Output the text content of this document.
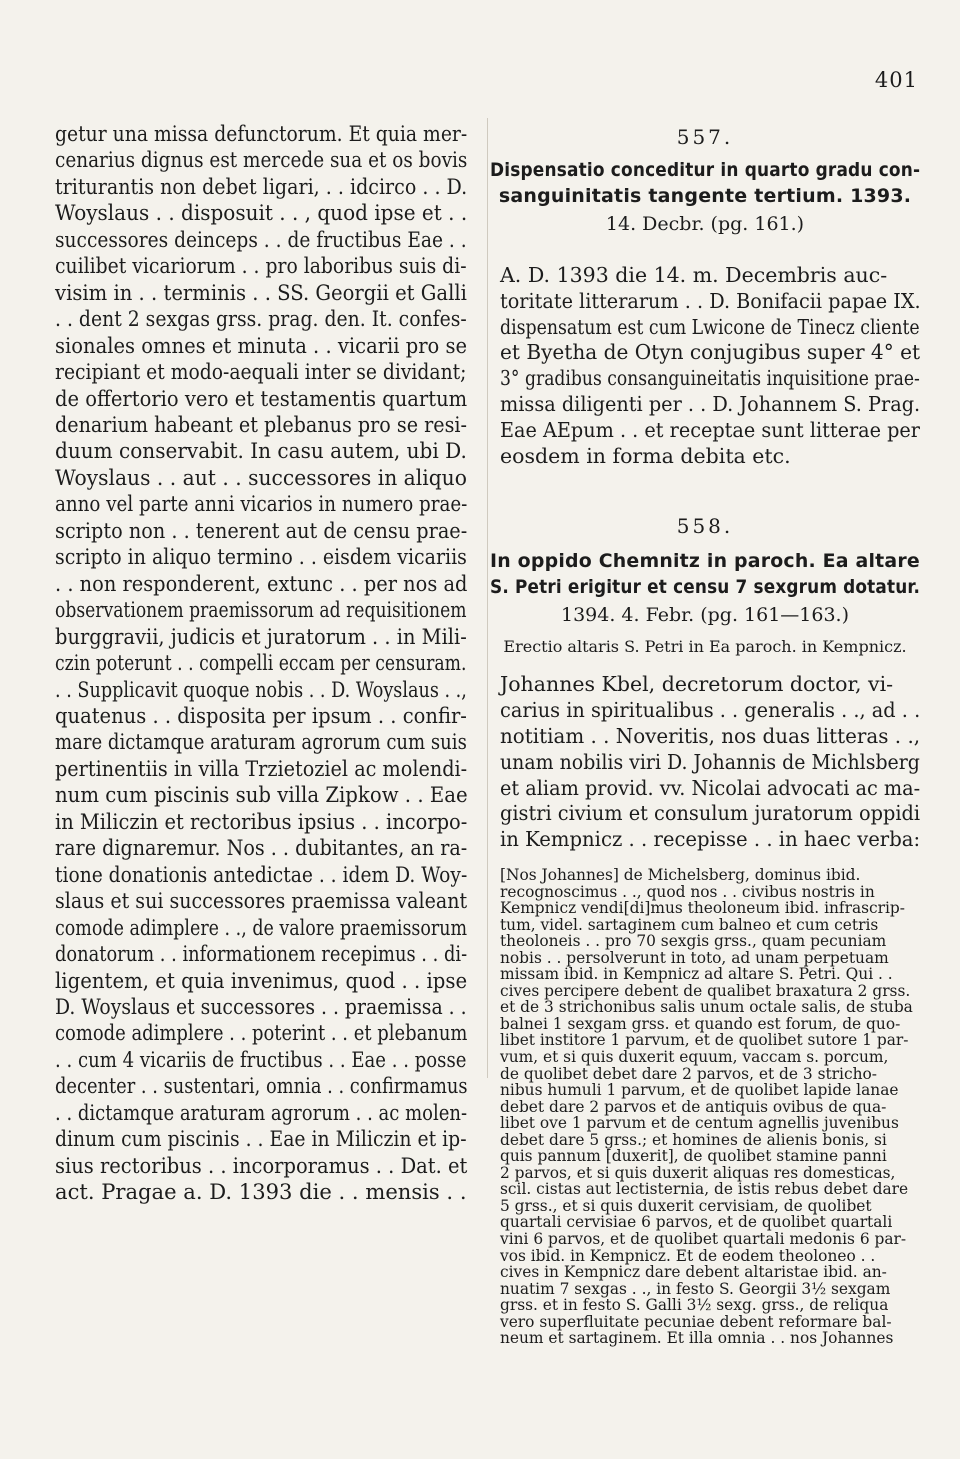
401
getur una missa defunctorum. Et quia mer-
cenarius dignus est mercede sua et os bovis
triturantis non debet ligari, . . idcirco . . D.
Woyslaus . . disposuit . . , quod ipse et . .
successores deinceps . . de fructibus Eae . .
cuilibet vicariorum . . pro laboribus suis di-
visim in . . terminis . . SS. Georgii et Galli
. . dent 2 sexgas grss. prag. den. It. confes-
sionales omnes et minuta . . vicarii pro se
recipiant et modo-aequali inter se dividant;
de offertorio vero et testamentis quartum
denarium habeant et plebanus pro se resi-
duum conservabit. In casu autem, ubi D.
Woyslaus . . aut . . successores in aliquo
anno vel parte anni vicarios in numero prae-
scripto non . . tenerent aut de censu prae-
scripto in aliquo termino . . eisdem vicariis
. . non responderent, extunc . . per nos ad
observationem praemissorum ad requisitionem
burggravii, judicis et juratorum . . in Mili-
czin poterunt . . compelli eccam per censuram.
. . Supplicavit quoque nobis . . D. Woyslaus . .,
quatenus . . disposita per ipsum . . confir-
mare dictamque araturam agrorum cum suis
pertinentiis in villa Trzietoziel ac molendi-
num cum piscinis sub villa Zipkow . . Eae
in Miliczin et rectoribus ipsius . . incorpo-
rare dignaremur. Nos . . dubitantes, an ra-
tione donationis antedictae . . idem D. Woy-
slaus et sui successores praemissa valeant
comode adimplere . ., de valore praemissorum
donatorum . . informationem recepimus . . di-
ligentem, et quia invenimus, quod . . ipse
D. Woyslaus et successores . . praemissa . .
comode adimplere . . poterint . . et plebanum
. . cum 4 vicariis de fructibus . . Eae . . posse
decenter . . sustentari, omnia . . confirmamus
. . dictamque araturam agrorum . . ac molen-
dinum cum piscinis . . Eae in Miliczin et ip-
sius rectoribus . . incorporamus . . Dat. et
act. Pragae a. D. 1393 die . . mensis . .
557.
Dispensatio conceditur in quarto gradu con-
sanguinitatis tangente tertium. 1393.
14. Decbr. (pg. 161.)
A. D. 1393 die 14. m. Decembris auc-
toritate litterarum . . D. Bonifacii papae IX.
dispensatum est cum Lwicone de Tinecz cliente
et Byetha de Otyn conjugibus super 4° et
3° gradibus consanguineitatis inquisitione prae-
missa diligenti per . . D. Johannem S. Prag.
Eae AEpum . . et receptae sunt litterae per
eosdem in forma debita etc.
558.
In oppido Chemnitz in paroch. Ea altare
S. Petri erigitur et censu 7 sexgrum dotatur.
1394. 4. Febr. (pg. 161—163.)
Erectio altaris S. Petri in Ea paroch. in Kempnicz.
Johannes Kbel, decretorum doctor, vi-
carius in spiritualibus . . generalis . ., ad . .
notitiam . . Noveritis, nos duas litteras . .,
unam nobilis viri D. Johannis de Michlsberg
et aliam provid. vv. Nicolai advocati ac ma-
gistri civium et consulum juratorum oppidi
in Kempnicz . . recepisse . . in haec verba:
[Nos Johannes] de Michelsberg, dominus ibid.
recognoscimus . ., quod nos . . civibus nostris in
Kempnicz vendi[di]mus theoloneum ibid. infrascrip-
tum, videl. sartaginem cum balneo et cum cetris
theoloneis . . pro 70 sexgis grss., quam pecuniam
nobis . . persolverunt in toto, ad unam perpetuam
missam ibid. in Kempnicz ad altare S. Petri. Qui . .
cives percipere debent de qualibet braxatura 2 grss.
et de 3 strichonibus salis unum octale salis, de stuba
balnei 1 sexgam grss. et quando est forum, de quo-
libet institore 1 parvum, et de quolibet sutore 1 par-
vum, et si quis duxerit equum, vaccam s. porcum,
de quolibet debet dare 2 parvos, et de 3 stricho-
nibus humuli 1 parvum, et de quolibet lapide lanae
debet dare 2 parvos et de antiquis ovibus de qua-
libet ove 1 parvum et de centum agnellis juvenibus
debet dare 5 grss.; et homines de alienis bonis, si
quis pannum [duxerit], de quolibet stamine panni
2 parvos, et si quis duxerit aliquas res domesticas,
scil. cistas aut lectisternia, de istis rebus debet dare
5 grss., et si quis duxerit cervisiam, de quolibet
quartali cervisiae 6 parvos, et de quolibet quartali
vini 6 parvos, et de quolibet quartali medonis 6 par-
vos ibid. in Kempnicz. Et de eodem theoloneo . .
cives in Kempnicz dare debent altaristae ibid. an-
nuatim 7 sexgas . ., in festo S. Georgii 3½ sexgam
grss. et in festo S. Galli 3½ sexg. grss., de reliqua
vero superfluitate pecuniae debent reformare bal-
neum et sartaginem. Et illa omnia . . nos Johannes
